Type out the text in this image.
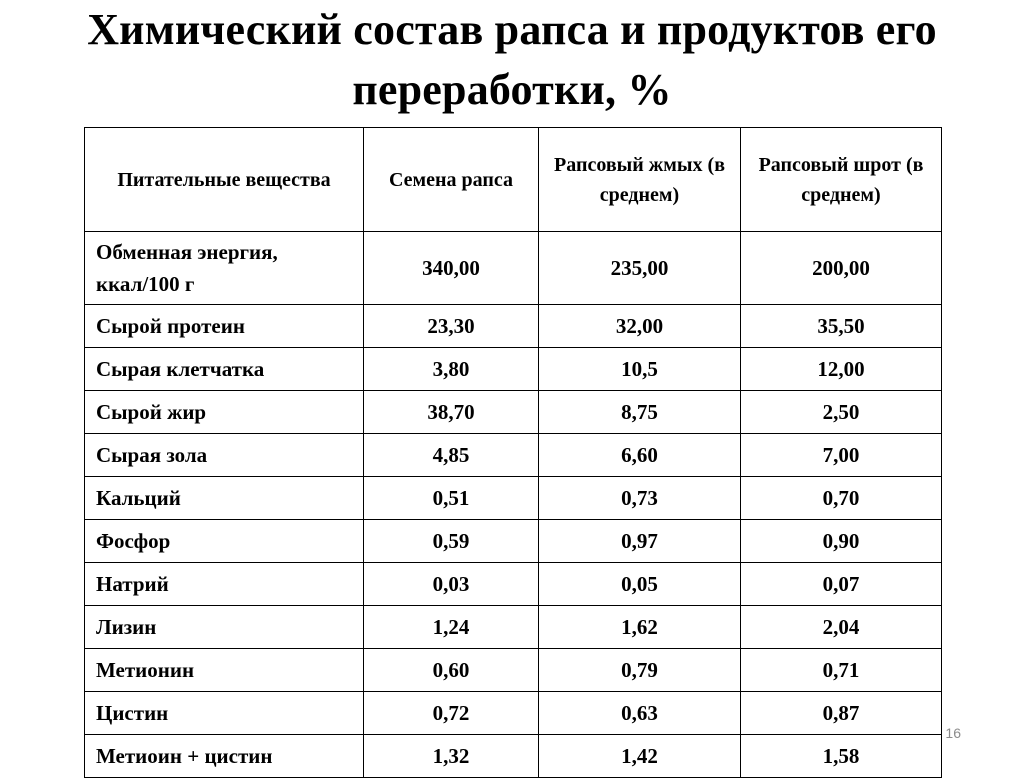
Химический состав рапса и продуктов его
переработки, %
Питательные вещества	Семена рапса	Рапсовый жмых (в среднем)	Рапсовый шрот (в среднем)
Обменная энергия, ккал/100 г	340,00	235,00	200,00
Сырой протеин	23,30	32,00	35,50
Сырая клетчатка	3,80	10,5	12,00
Сырой жир	38,70	8,75	2,50
Сырая зола	4,85	6,60	7,00
Кальций	0,51	0,73	0,70
Фосфор	0,59	0,97	0,90
Натрий	0,03	0,05	0,07
Лизин	1,24	1,62	2,04
Метионин	0,60	0,79	0,71
Цистин	0,72	0,63	0,87
Метиоин + цистин	1,32	1,42	1,58
16
